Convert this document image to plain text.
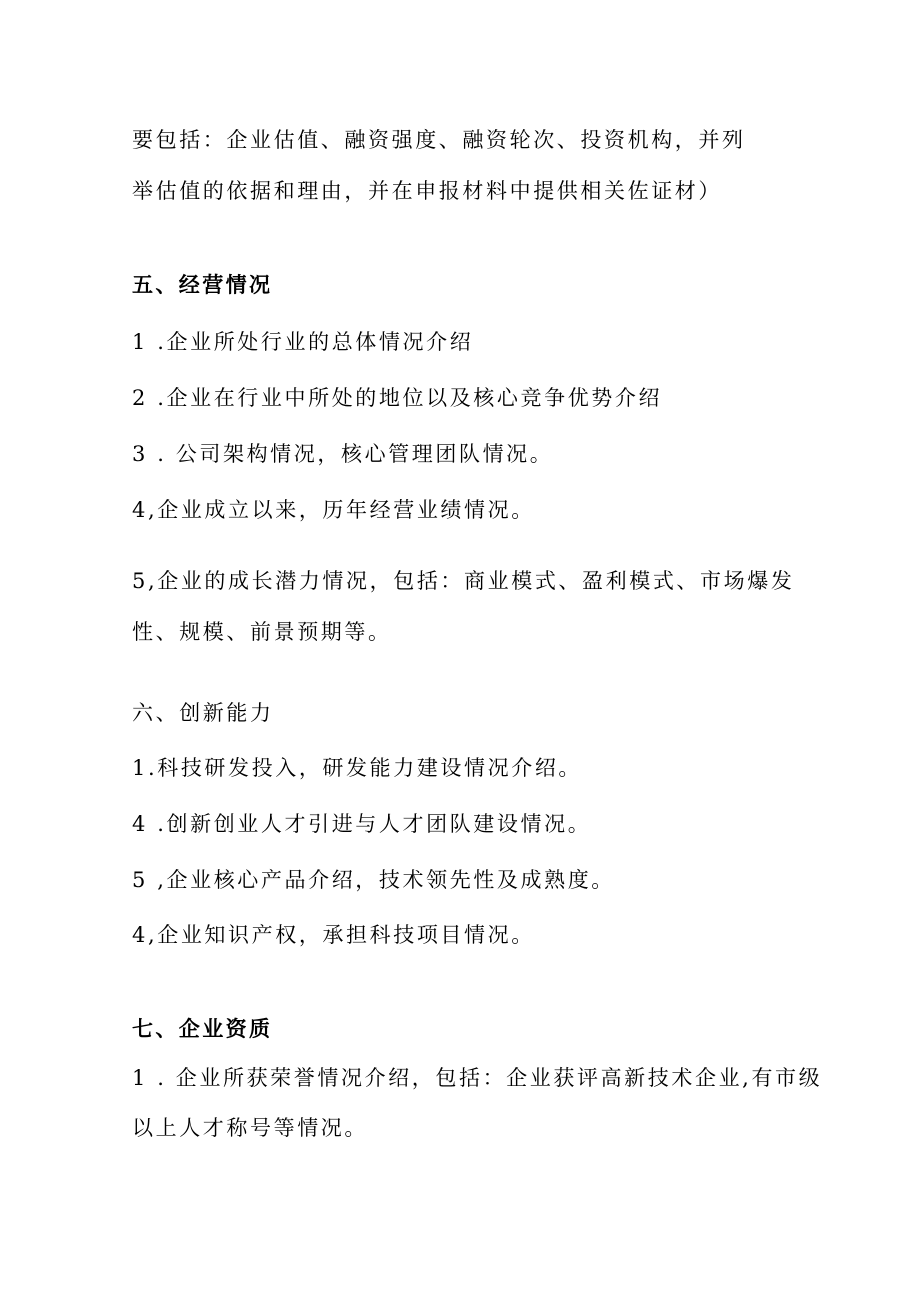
要包括：企业估值、融资强度、融资轮次、投资机构，并列
举估值的依据和理由，并在申报材料中提供相关佐证材）
五、经营情况
1 .企业所处行业的总体情况介绍
2 .企业在行业中所处的地位以及核心竞争优势介绍
3 . 公司架构情况，核心管理团队情况。
4,企业成立以来，历年经营业绩情况。
5,企业的成长潜力情况，包括：商业模式、盈利模式、市场爆发
性、规模、前景预期等。
六、创新能力
1.科技研发投入，研发能力建设情况介绍。
4 .创新创业人才引进与人才团队建设情况。
5 ,企业核心产品介绍，技术领先性及成熟度。
4,企业知识产权，承担科技项目情况。
七、企业资质
1 . 企业所获荣誉情况介绍，包括：企业获评高新技术企业,有市级
以上人才称号等情况。
